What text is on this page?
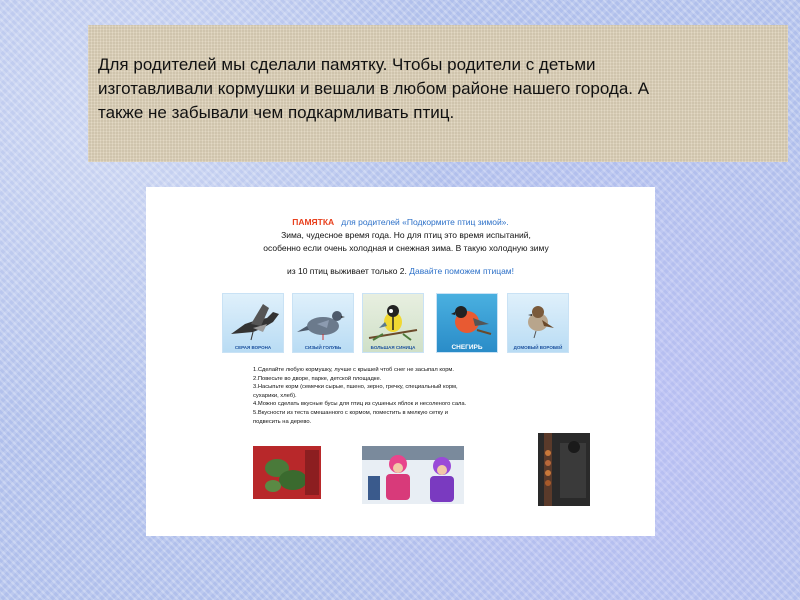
Для родителей мы сделали памятку. Чтобы родители с детьми
изготавливали кормушки и вешали в любом районе нашего города. А
также не забывали чем подкармливать птиц.
ПАМЯТКА для родителей «Подкормите птиц зимой».
Зима, чудесное время года. Но для птиц это время испытаний,
особенно если очень холодная и снежная зима. В такую холодную зиму
из 10 птиц выживает только 2. Давайте поможем птицам!
СЕРАЯ ВОРОНА	СИЗЫЙ ГОЛУБЬ	БОЛЬШАЯ СИНИЦА	СНЕГИРЬ	ДОМОВЫЙ ВОРОБЕЙ
1.Сделайте любую кормушку, лучше с крышей чтоб снег не засыпал корм.
2.Повесьте во дворе, парке, детской площадке.
3.Насыпьте корм (семечки сырые, пшено, зерно, гречку, специальный корм,
сухарики, хлеб).
4.Можно сделать вкусные бусы для птиц из сушеных яблок и несоленого сала.
5.Вкусности из теста смешанного с кормом, поместить в мелкую сетку и
подвесить на дерево.
